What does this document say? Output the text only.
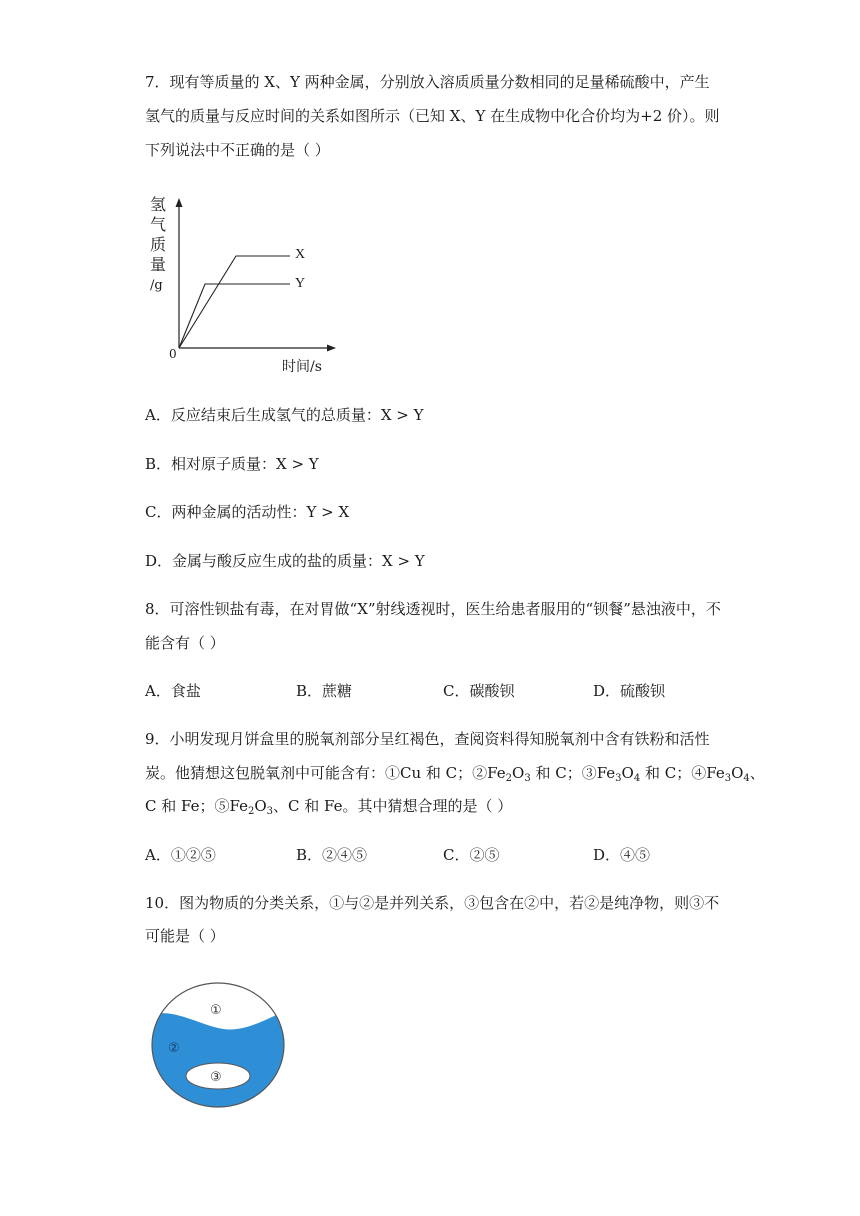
7．现有等质量的 X、Y 两种金属，分别放入溶质质量分数相同的足量稀硫酸中，产生
氢气的质量与反应时间的关系如图所示（已知 X、Y 在生成物中化合价均为+2 价）。则
下列说法中不正确的是（ ）
氢
气
质
量
/g
0
时间/s
X
Y
A．反应结束后生成氢气的总质量：X > Y
B．相对原子质量：X > Y
C．两种金属的活动性：Y > X
D．金属与酸反应生成的盐的质量：X > Y
8．可溶性钡盐有毒，在对胃做“X”射线透视时，医生给患者服用的“钡餐”悬浊液中，不
能含有（ ）
A．食盐	B．蔗糖	C．碳酸钡	D．硫酸钡
9．小明发现月饼盒里的脱氧剂部分呈红褐色，查阅资料得知脱氧剂中含有铁粉和活性
炭。他猜想这包脱氧剂中可能含有：①Cu 和 C；$②Fe_2O_3$ 和 C；$③Fe_3O_4$ 和 C；$④Fe_3O_4$、
C 和 Fe；$⑤Fe_2O_3$、C 和 Fe。其中猜想合理的是（ ）
A．①②⑤	B．②④⑤	C．②⑤	D．④⑤
10．图为物质的分类关系，①与②是并列关系，③包含在②中，若②是纯净物，则③不
可能是（ ）
①
②
③
